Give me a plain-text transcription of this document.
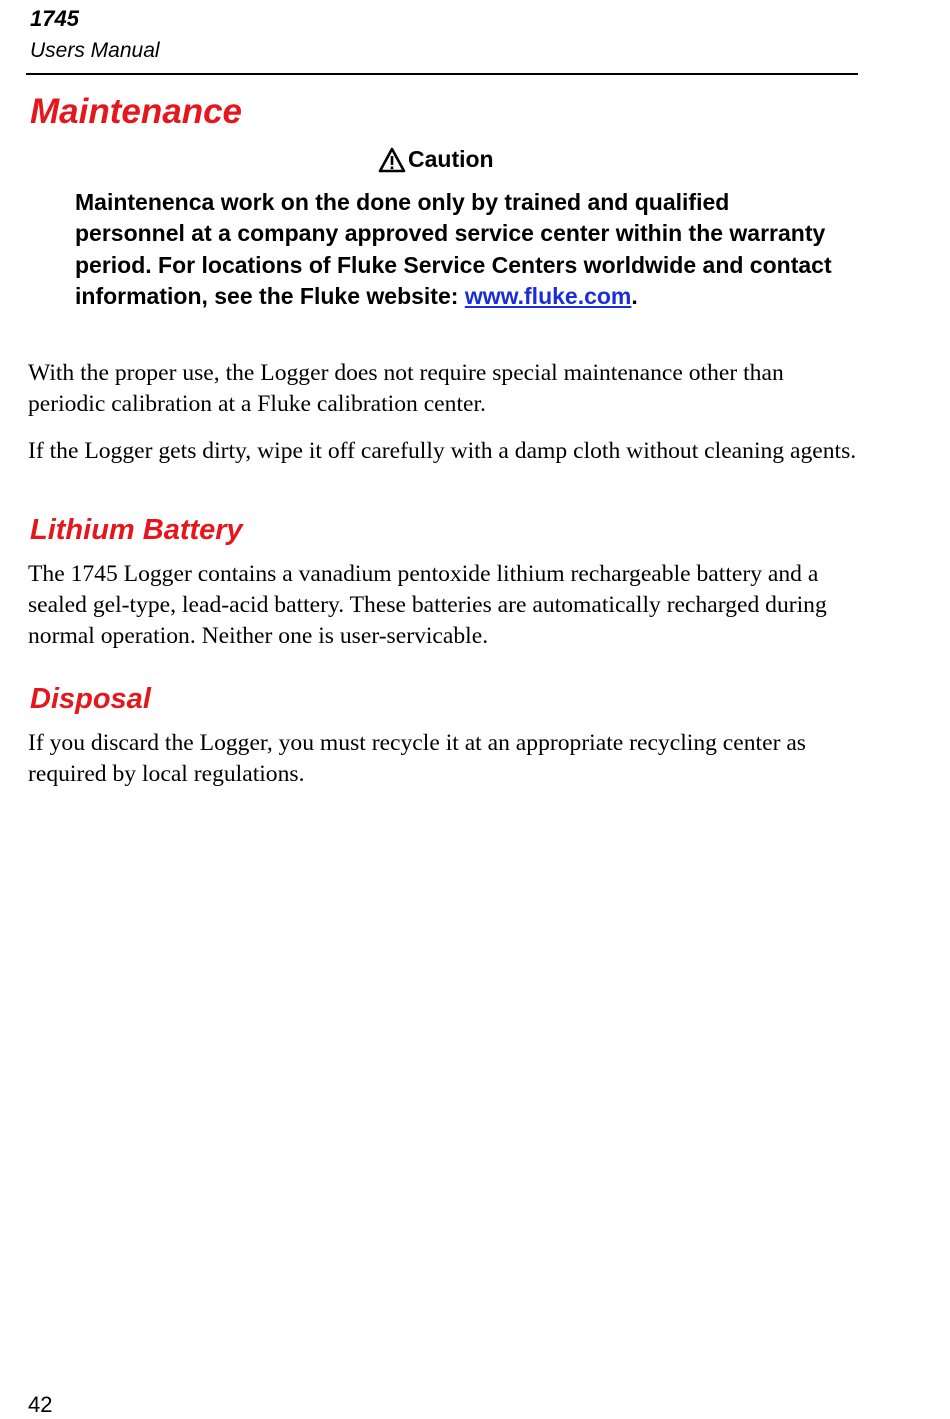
1745
Users Manual
Maintenance
Caution
Maintenenca work on the done only by trained and qualified personnel at a company approved service center within the warranty period. For locations of Fluke Service Centers worldwide and contact information, see the Fluke website: www.fluke.com.

With the proper use, the Logger does not require special maintenance other than periodic calibration at a Fluke calibration center.

If the Logger gets dirty, wipe it off carefully with a damp cloth without cleaning agents.

Lithium Battery

The 1745 Logger contains a vanadium pentoxide lithium rechargeable battery and a sealed gel-type, lead-acid battery. These batteries are automatically recharged during normal operation. Neither one is user-servicable.

Disposal

If you discard the Logger, you must recycle it at an appropriate recycling center as required by local regulations.

42
